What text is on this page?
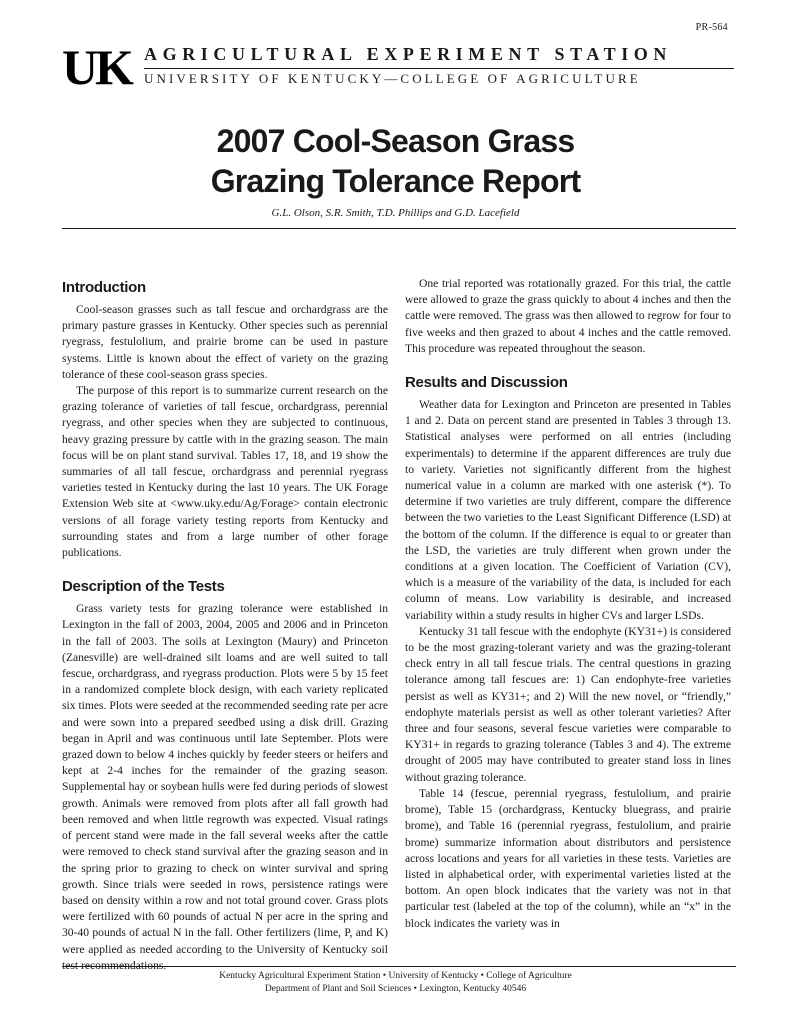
PR-564
U K AGRICULTURAL EXPERIMENT STATION
UNIVERSITY OF KENTUCKY—COLLEGE OF AGRICULTURE
2007 Cool-Season Grass
Grazing Tolerance Report
G.L. Olson, S.R. Smith, T.D. Phillips and G.D. Lacefield
Introduction

Cool-season grasses such as tall fescue and orchardgrass are the primary pasture grasses in Kentucky. Other species such as perennial ryegrass, festulolium, and prairie brome can be used in pasture systems. Little is known about the effect of variety on the grazing tolerance of these cool-season grass species.

The purpose of this report is to summarize current research on the grazing tolerance of varieties of tall fescue, orchardgrass, perennial ryegrass, and other species when they are subjected to continuous, heavy grazing pressure by cattle with in the grazing season. The main focus will be on plant stand survival. Tables 17, 18, and 19 show the summaries of all tall fescue, orchardgrass and perennial ryegrass varieties tested in Kentucky during the last 10 years. The UK Forage Extension Web site at <www.uky.edu/Ag/Forage> contain electronic versions of all forage variety testing reports from Kentucky and surrounding states and from a large number of other forage publications.

Description of the Tests

Grass variety tests for grazing tolerance were established in Lexington in the fall of 2003, 2004, 2005 and 2006 and in Princeton in the fall of 2003. The soils at Lexington (Maury) and Princeton (Zanesville) are well-drained silt loams and are well suited to tall fescue, orchardgrass, and ryegrass production. Plots were 5 by 15 feet in a randomized complete block design, with each variety replicated six times. Plots were seeded at the recommended seeding rate per acre and were sown into a prepared seedbed using a disk drill. Grazing began in April and was continuous until late September. Plots were grazed down to below 4 inches quickly by feeder steers or heifers and kept at 2-4 inches for the remainder of the grazing season. Supplemental hay or soybean hulls were fed during periods of slowest growth. Animals were removed from plots after all fall growth had been removed and when little regrowth was expected. Visual ratings of percent stand were made in the fall several weeks after the cattle were removed to check stand survival after the grazing season and in the spring prior to grazing to check on winter survival and spring growth. Since trials were seeded in rows, persistence ratings were based on density within a row and not total ground cover. Grass plots were fertilized with 60 pounds of actual N per acre in the spring and 30-40 pounds of actual N in the fall. Other fertilizers (lime, P, and K) were applied as needed according to the University of Kentucky soil test recommendations.

One trial reported was rotationally grazed. For this trial, the cattle were allowed to graze the grass quickly to about 4 inches and then the cattle were removed. The grass was then allowed to regrow for four to five weeks and then grazed to about 4 inches and the cattle removed. This procedure was repeated throughout the season.

Results and Discussion

Weather data for Lexington and Princeton are presented in Tables 1 and 2. Data on percent stand are presented in Tables 3 through 13. Statistical analyses were performed on all entries (including experimentals) to determine if the apparent differences are truly due to variety. Varieties not significantly different from the highest numerical value in a column are marked with one asterisk (*). To determine if two varieties are truly different, compare the difference between the two varieties to the Least Significant Difference (LSD) at the bottom of the column. If the difference is equal to or greater than the LSD, the varieties are truly different when grown under the conditions at a given location. The Coefficient of Variation (CV), which is a measure of the variability of the data, is included for each column of means. Low variability is desirable, and increased variability within a study results in higher CVs and larger LSDs.

Kentucky 31 tall fescue with the endophyte (KY31+) is considered to be the most grazing-tolerant variety and was the grazing-tolerant check entry in all tall fescue trials. The central questions in grazing tolerance among tall fescues are: 1) Can endophyte-free varieties persist as well as KY31+; and 2) Will the new novel, or “friendly,” endophyte materials persist as well as other tolerant varieties? After three and four seasons, several fescue varieties were comparable to KY31+ in regards to grazing tolerance (Tables 3 and 4). The extreme drought of 2005 may have contributed to greater stand loss in lines without grazing tolerance.

Table 14 (fescue, perennial ryegrass, festulolium, and prairie brome), Table 15 (orchardgrass, Kentucky bluegrass, and prairie brome), and Table 16 (perennial ryegrass, festulolium, and prairie brome) summarize information about distributors and persistence across locations and years for all varieties in these tests. Varieties are listed in alphabetical order, with experimental varieties listed at the bottom. An open block indicates that the variety was not in that particular test (labeled at the top of the column), while an “x” in the block indicates the variety was in

Kentucky Agricultural Experiment Station • University of Kentucky • College of Agriculture
Department of Plant and Soil Sciences • Lexington, Kentucky 40546
